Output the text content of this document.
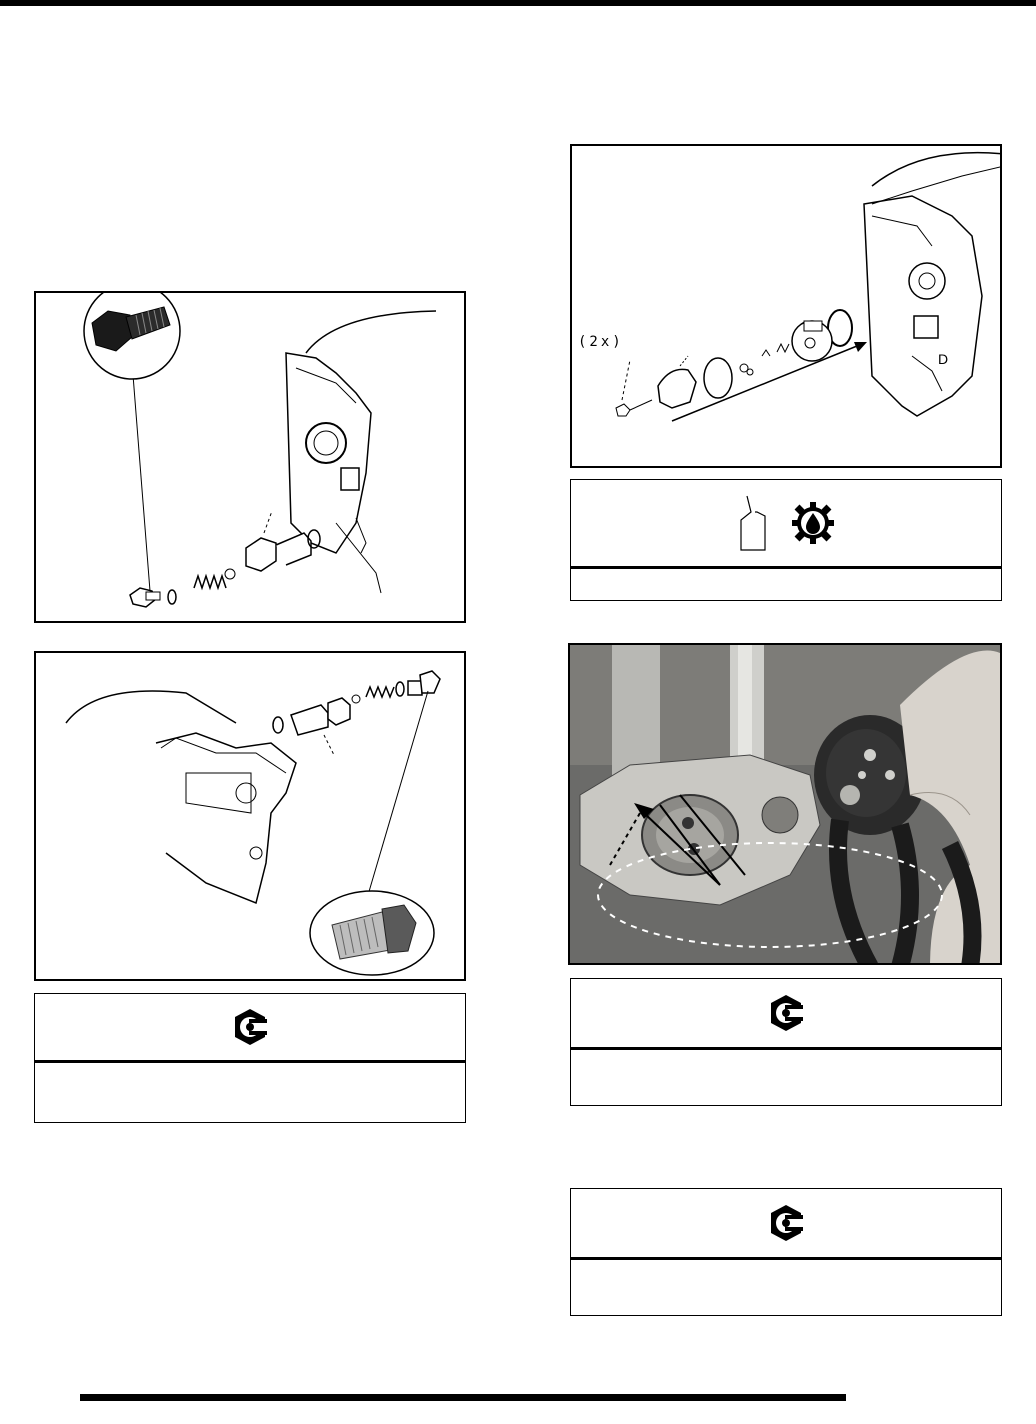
D
(2x)
